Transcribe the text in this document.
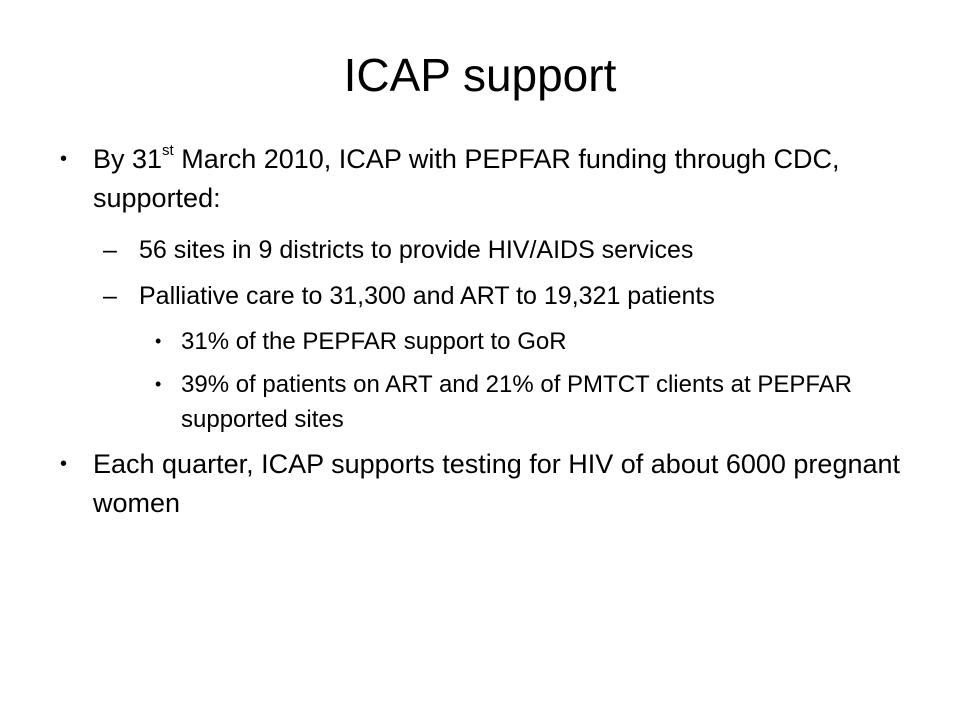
ICAP support
• By 31st March 2010, ICAP with PEPFAR funding through CDC, supported:
– 56 sites in 9 districts to provide HIV/AIDS services
– Palliative care to 31,300 and ART to 19,321 patients
• 31% of the PEPFAR support to GoR
• 39% of patients on ART and 21% of PMTCT clients at PEPFAR supported sites
• Each quarter, ICAP supports testing for HIV of about 6000 pregnant women
